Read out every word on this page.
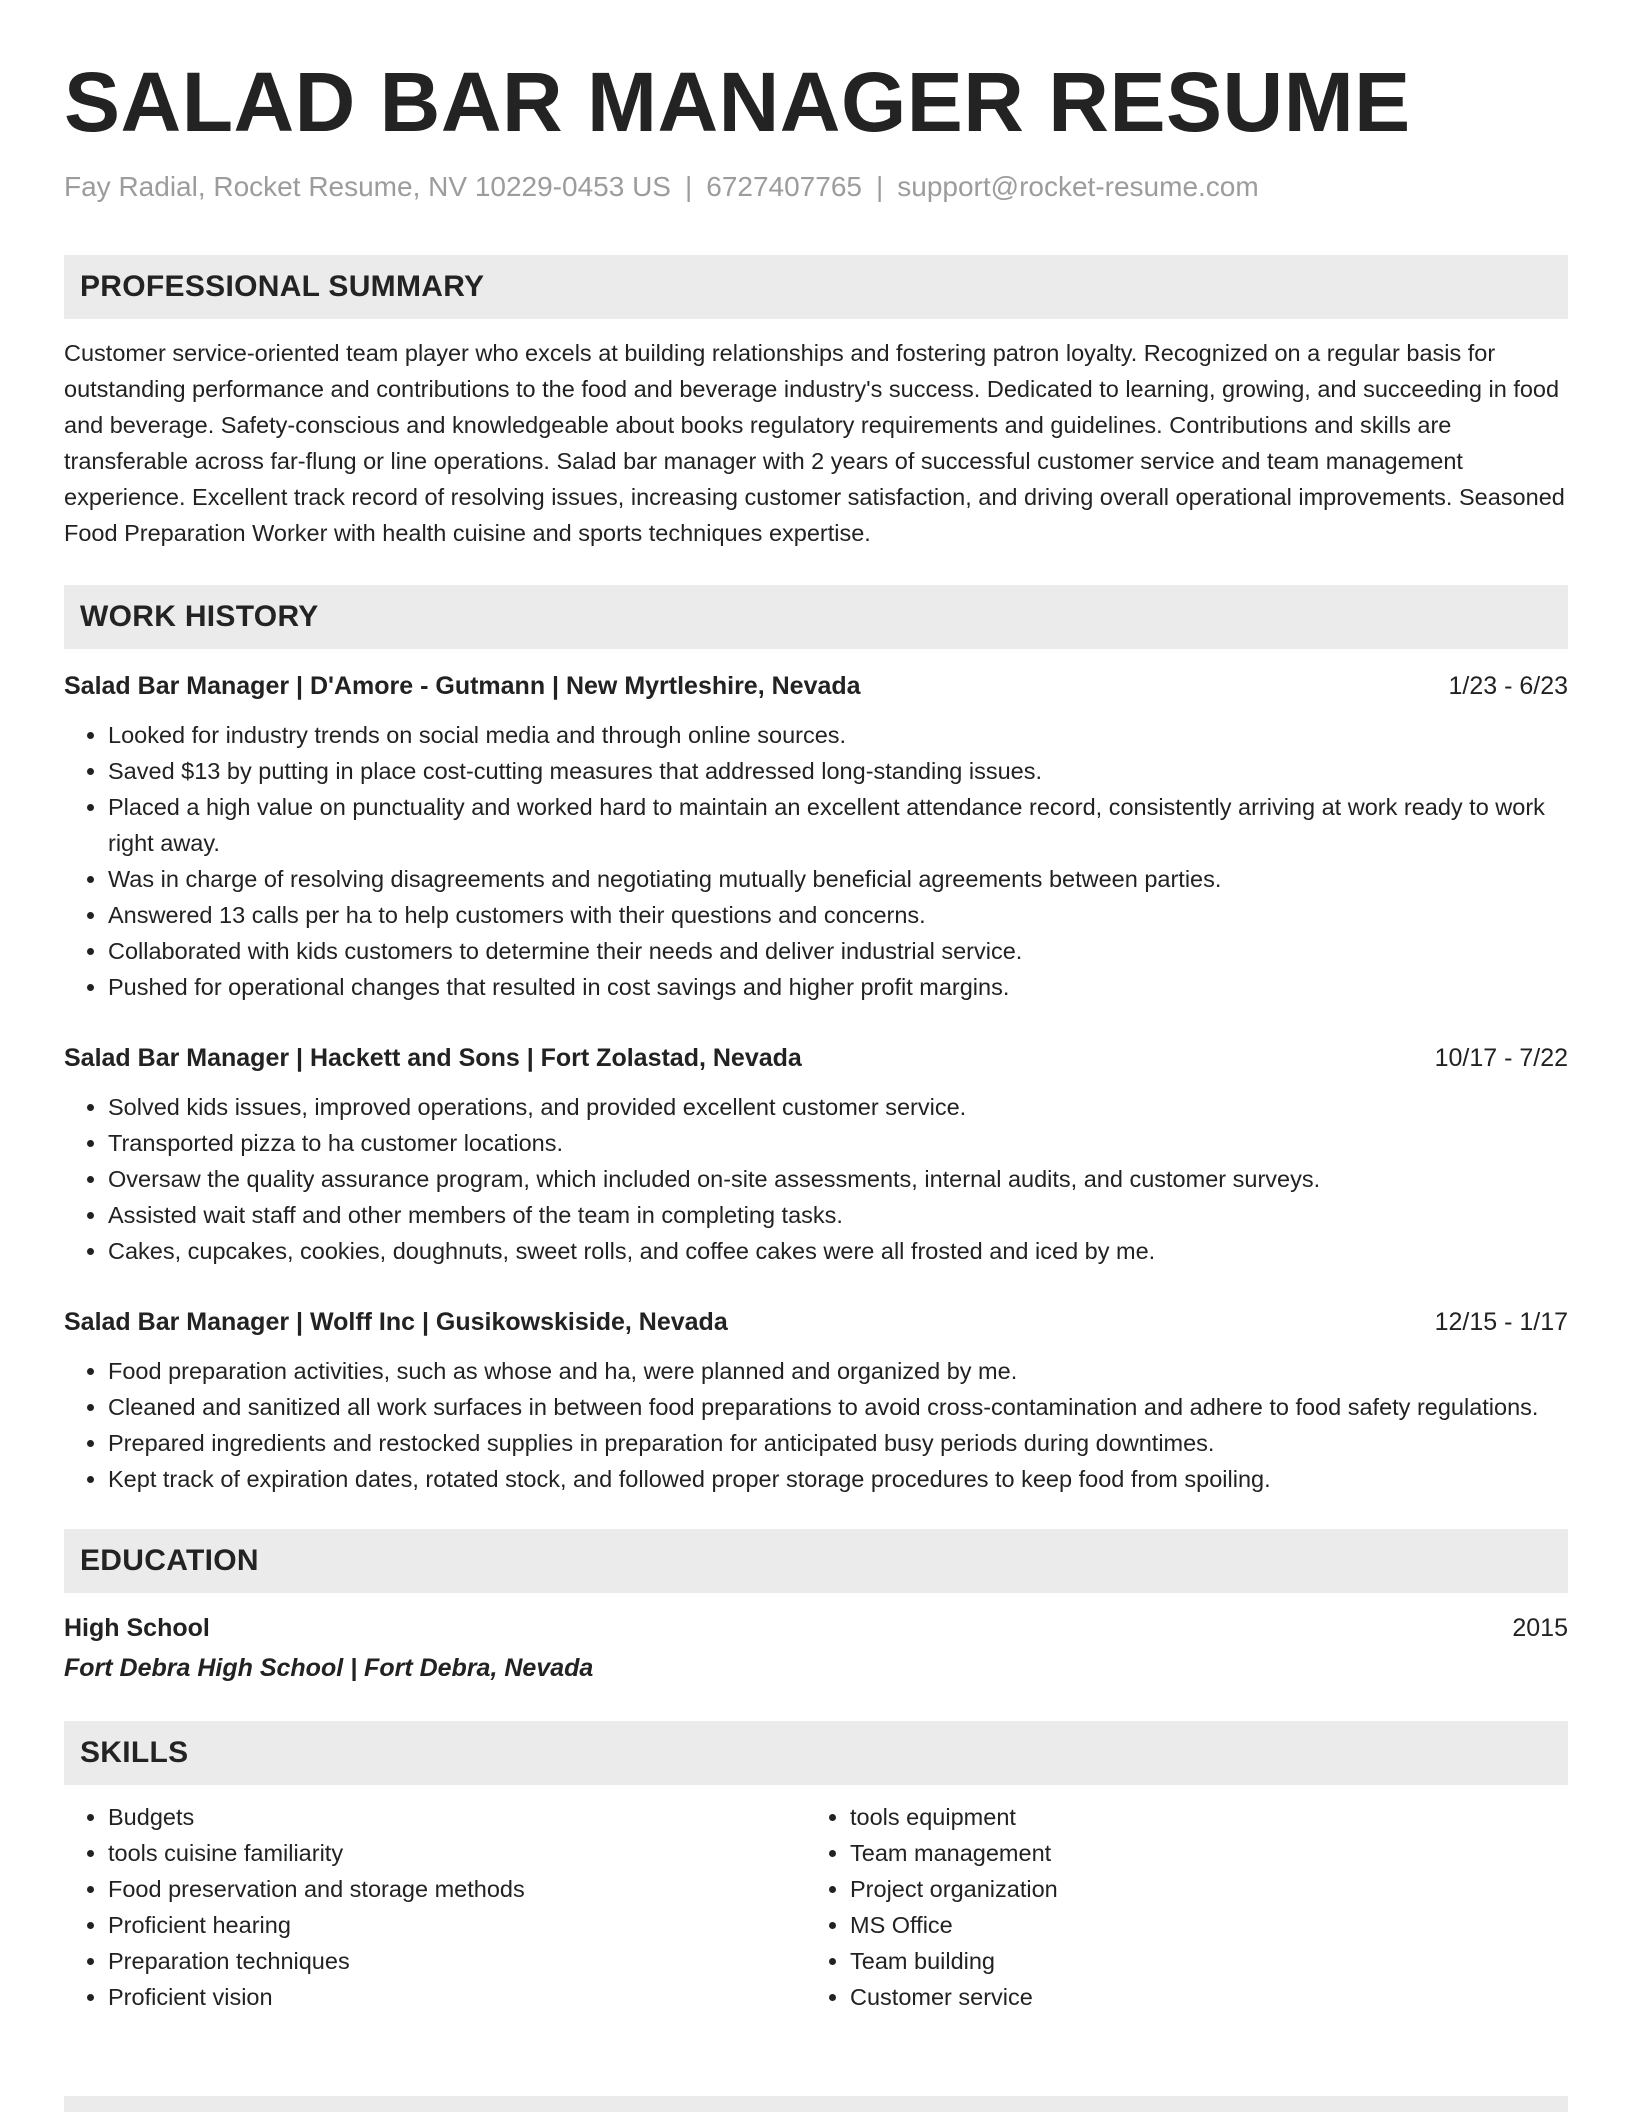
SALAD BAR MANAGER RESUME
Fay Radial, Rocket Resume, NV 10229-0453 US | 6727407765 | support@rocket-resume.com
PROFESSIONAL SUMMARY

Customer service-oriented team player who excels at building relationships and fostering patron loyalty. Recognized on a regular basis for outstanding performance and contributions to the food and beverage industry's success. Dedicated to learning, growing, and succeeding in food and beverage. Safety-conscious and knowledgeable about books regulatory requirements and guidelines. Contributions and skills are transferable across far-flung or line operations. Salad bar manager with 2 years of successful customer service and team management experience. Excellent track record of resolving issues, increasing customer satisfaction, and driving overall operational improvements. Seasoned Food Preparation Worker with health cuisine and sports techniques expertise.

WORK HISTORY
Salad Bar Manager | D'Amore - Gutmann | New Myrtleshire, Nevada	1/23 - 6/23
• Looked for industry trends on social media and through online sources.
• Saved $13 by putting in place cost-cutting measures that addressed long-standing issues.
• Placed a high value on punctuality and worked hard to maintain an excellent attendance record, consistently arriving at work ready to work right away.
• Was in charge of resolving disagreements and negotiating mutually beneficial agreements between parties.
• Answered 13 calls per ha to help customers with their questions and concerns.
• Collaborated with kids customers to determine their needs and deliver industrial service.
• Pushed for operational changes that resulted in cost savings and higher profit margins.
Salad Bar Manager | Hackett and Sons | Fort Zolastad, Nevada	10/17 - 7/22
• Solved kids issues, improved operations, and provided excellent customer service.
• Transported pizza to ha customer locations.
• Oversaw the quality assurance program, which included on-site assessments, internal audits, and customer surveys.
• Assisted wait staff and other members of the team in completing tasks.
• Cakes, cupcakes, cookies, doughnuts, sweet rolls, and coffee cakes were all frosted and iced by me.
Salad Bar Manager | Wolff Inc | Gusikowskiside, Nevada	12/15 - 1/17
• Food preparation activities, such as whose and ha, were planned and organized by me.
• Cleaned and sanitized all work surfaces in between food preparations to avoid cross-contamination and adhere to food safety regulations.
• Prepared ingredients and restocked supplies in preparation for anticipated busy periods during downtimes.
• Kept track of expiration dates, rotated stock, and followed proper storage procedures to keep food from spoiling.
EDUCATION
High School	2015
Fort Debra High School | Fort Debra, Nevada
SKILLS
• Budgets
• tools cuisine familiarity
• Food preservation and storage methods
• Proficient hearing
• Preparation techniques
• Proficient vision
• tools equipment
• Team management
• Project organization
• MS Office
• Team building
• Customer service
